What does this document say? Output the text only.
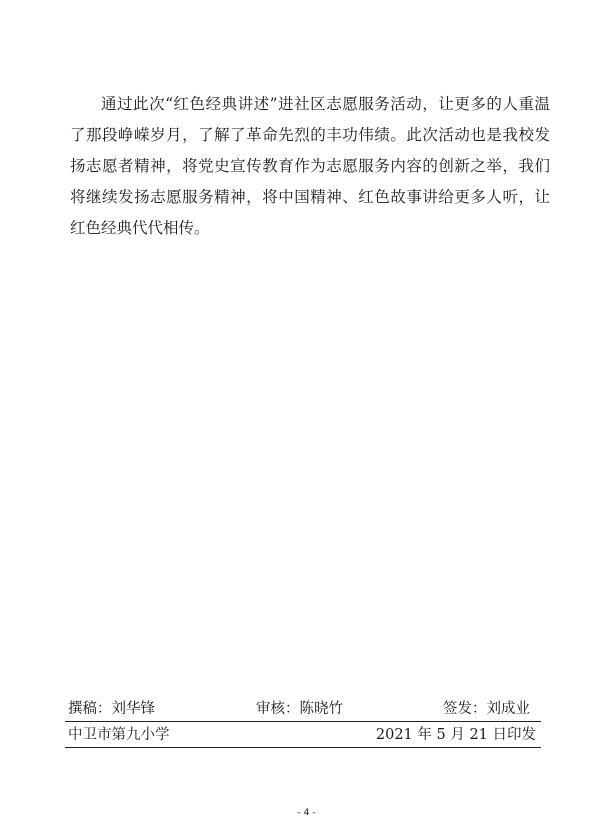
通过此次“红色经典讲述”进社区志愿服务活动，让更多的人重温了那段峥嵘岁月，了解了革命先烈的丰功伟绩。此次活动也是我校发扬志愿者精神，将党史宣传教育作为志愿服务内容的创新之举，我们将继续发扬志愿服务精神，将中国精神、红色故事讲给更多人听，让红色经典代代相传。

撰稿：刘华锋	审核：陈晓竹	签发：刘成业
中卫市第九小学	2021 年 5 月 21 日印发
- 4 -
